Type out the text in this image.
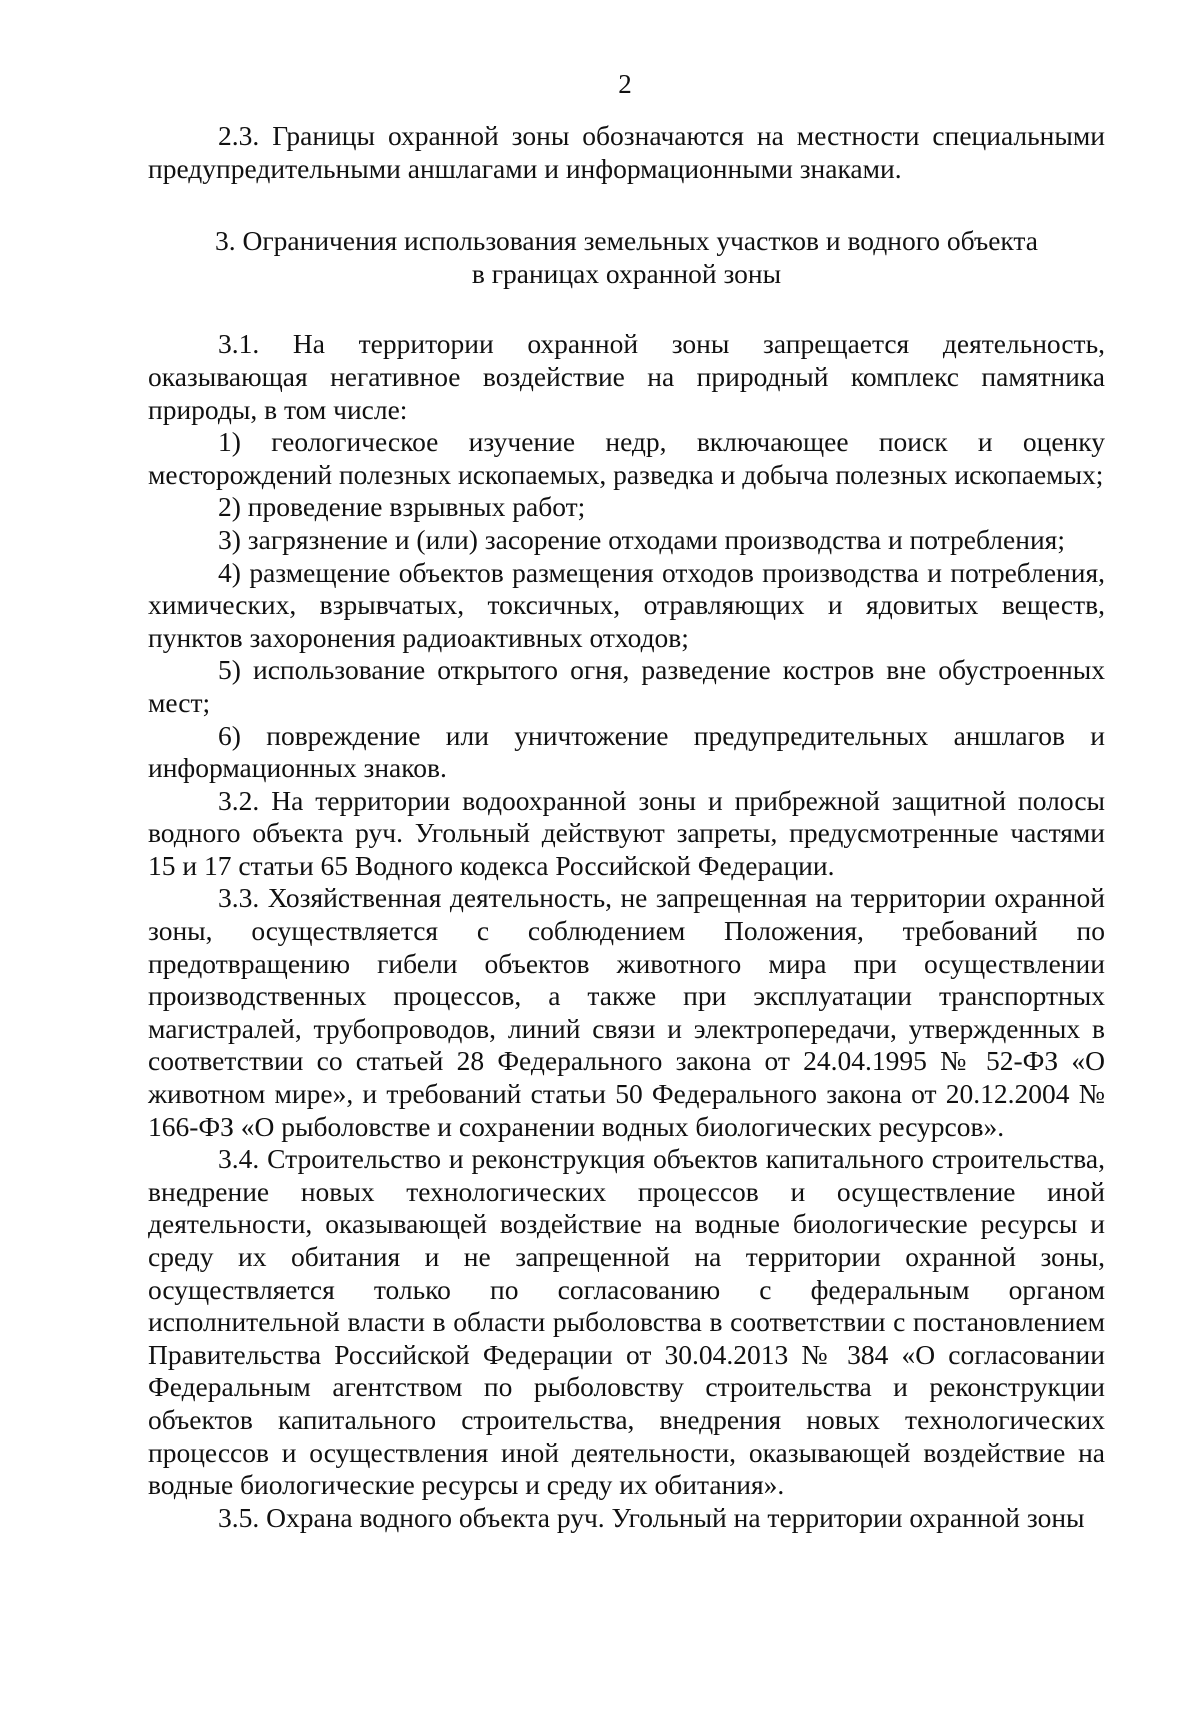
2

2.3. Границы охранной зоны обозначаются на местности специальными предупредительными аншлагами и информационными знаками.

3. Ограничения использования земельных участков и водного объекта
в границах охранной зоны

3.1. На территории охранной зоны запрещается деятельность, оказывающая негативное воздействие на природный комплекс памятника природы, в том числе:

1) геологическое изучение недр, включающее поиск и оценку месторождений полезных ископаемых, разведка и добыча полезных ископаемых;

2) проведение взрывных работ;

3) загрязнение и (или) засорение отходами производства и потребления;

4) размещение объектов размещения отходов производства и потребления, химических, взрывчатых, токсичных, отравляющих и ядовитых веществ, пунктов захоронения радиоактивных отходов;

5) использование открытого огня, разведение костров вне обустроенных мест;

6) повреждение или уничтожение предупредительных аншлагов и информационных знаков.

3.2. На территории водоохранной зоны и прибрежной защитной полосы водного объекта руч. Угольный действуют запреты, предусмотренные частями 15 и 17 статьи 65 Водного кодекса Российской Федерации.

3.3. Хозяйственная деятельность, не запрещенная на территории охранной зоны, осуществляется с соблюдением Положения, требований по предотвращению гибели объектов животного мира при осуществлении производственных процессов, а также при эксплуатации транспортных магистралей, трубопроводов, линий связи и электропередачи, утвержденных в соответствии со статьей 28 Федерального закона от 24.04.1995 № 52-ФЗ «О животном мире», и требований статьи 50 Федерального закона от 20.12.2004 № 166-ФЗ «О рыболовстве и сохранении водных биологических ресурсов».

3.4. Строительство и реконструкция объектов капитального строительства, внедрение новых технологических процессов и осуществление иной деятельности, оказывающей воздействие на водные биологические ресурсы и среду их обитания и не запрещенной на территории охранной зоны, осуществляется только по согласованию с федеральным органом исполнительной власти в области рыболовства в соответствии с постановлением Правительства Российской Федерации от 30.04.2013 № 384 «О согласовании Федеральным агентством по рыболовству строительства и реконструкции объектов капитального строительства, внедрения новых технологических процессов и осуществления иной деятельности, оказывающей воздействие на водные биологические ресурсы и среду их обитания».

3.5. Охрана водного объекта руч. Угольный на территории охранной зоны
